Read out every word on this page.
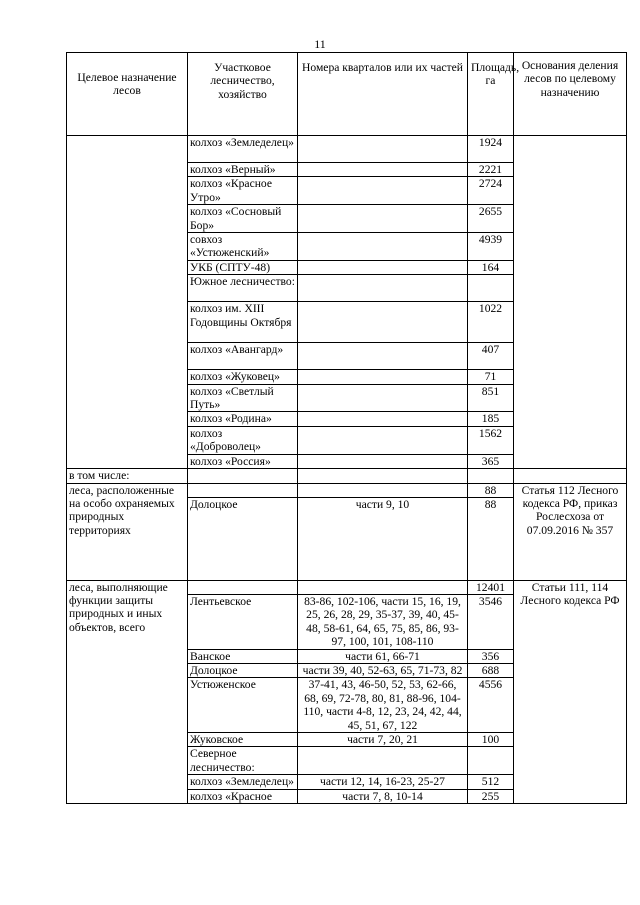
11
Целевое назначение лесов	Участковое лесничество, хозяйство	Номера кварталов или их частей	Площадь, га	Основания деления лесов по целевому назначению
	колхоз «Земледелец»		1924	
	колхоз «Верный»		2221	
	колхоз «Красное Утро»		2724	
	колхоз «Сосновый Бор»		2655	
	совхоз «Устюженский»		4939	
	УКБ (СПТУ-48)		164	
	Южное лесничество:			
	колхоз им. XIII Годовщины Октября		1022	
	колхоз «Авангард»		407	
	колхоз «Жуковец»		71	
	колхоз «Светлый Путь»		851	
	колхоз «Родина»		185	
	колхоз «Доброволец»		1562	
	колхоз «Россия»		365	
в том числе:				
леса, расположенные на особо охраняемых природных территориях			88	Статья 112 Лесного кодекса РФ, приказ Рослесхоза от 07.09.2016 № 357
	Долоцкое	части 9, 10	88	
леса, выполняющие функции защиты природных и иных объектов, всего			12401	Статьи 111, 114 Лесного кодекса РФ
	Лентьевское	83-86, 102-106, части 15, 16, 19, 25, 26, 28, 29, 35-37, 39, 40, 45-48, 58-61, 64, 65, 75, 85, 86, 93-97, 100, 101, 108-110	3546	
	Ванское	части 61, 66-71	356	
	Долоцкое	части 39, 40, 52-63, 65, 71-73, 82	688	
	Устюженское	37-41, 43, 46-50, 52, 53, 62-66, 68, 69, 72-78, 80, 81, 88-96, 104-110, части 4-8, 12, 23, 24, 42, 44, 45, 51, 67, 122	4556	
	Жуковское	части 7, 20, 21	100	
	Северное лесничество:			
	колхоз «Земледелец»	части 12, 14, 16-23, 25-27	512	
	колхоз «Красное	части 7, 8, 10-14	255	
